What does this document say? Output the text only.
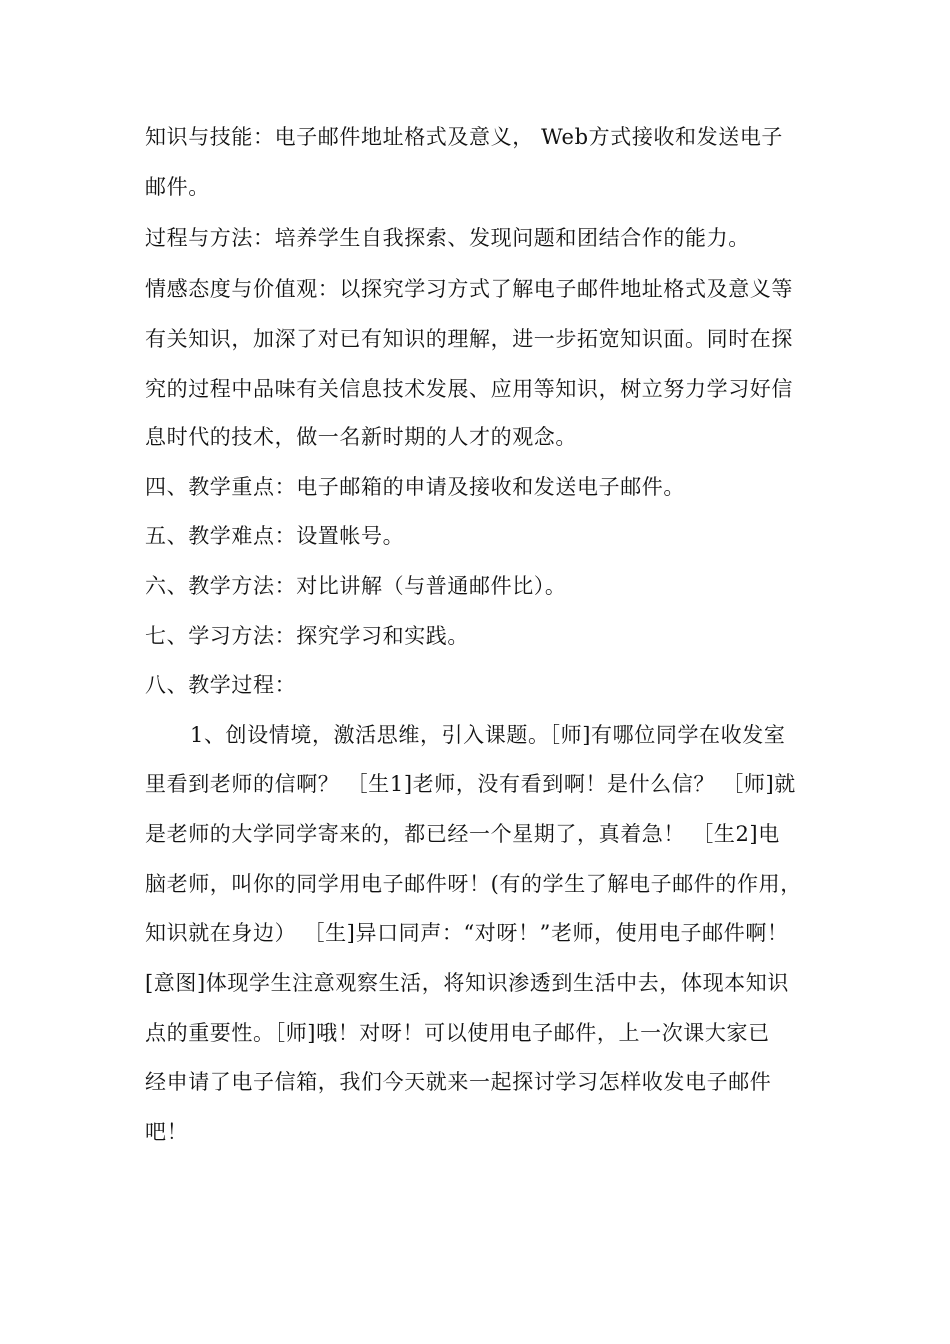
知识与技能：电子邮件地址格式及意义， Web方式接收和发送电子
邮件。
过程与方法：培养学生自我探索、发现问题和团结合作的能力。
情感态度与价值观：以探究学习方式了解电子邮件地址格式及意义等
有关知识，加深了对已有知识的理解，进一步拓宽知识面。同时在探
究的过程中品味有关信息技术发展、应用等知识，树立努力学习好信
息时代的技术，做一名新时期的人才的观念。
四、教学重点：电子邮箱的申请及接收和发送电子邮件。
五、教学难点：设置帐号。
六、教学方法：对比讲解（与普通邮件比）。
七、学习方法：探究学习和实践。
八、教学过程：
1、创设情境，激活思维，引入课题。［师]有哪位同学在收发室
里看到老师的信啊？ ［生1]老师，没有看到啊！是什么信？ ［师]就
是老师的大学同学寄来的，都已经一个星期了，真着急！ ［生2]电
脑老师，叫你的同学用电子邮件呀！(有的学生了解电子邮件的作用，
知识就在身边） ［生]异口同声：“对呀！”老师，使用电子邮件啊！
[意图]体现学生注意观察生活，将知识渗透到生活中去，体现本知识
点的重要性。［师]哦！对呀！可以使用电子邮件，上一次课大家已
经申请了电子信箱，我们今天就来一起探讨学习怎样收发电子邮件
吧！
